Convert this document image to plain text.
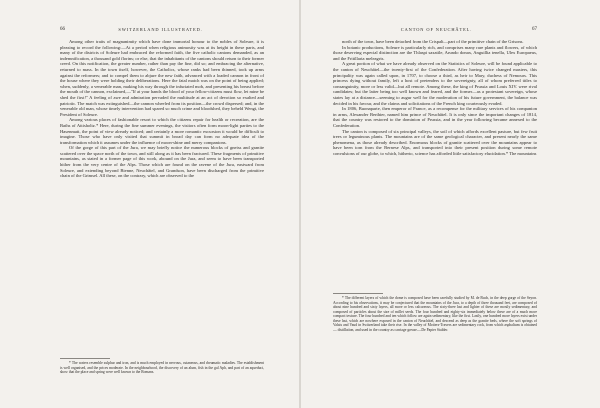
66	SWITZERLAND ILLUSTRATED.

Among other traits of magnanimity which have done immortal honour to the nobles of Soleure, it is pleasing to record the following:—At a period when religious animosity was at its height in these parts, and many of the districts of Soleure had embraced the reformed faith, the five catholic cantons demanded, as an indemnification, a thousand gold florins; or else, that the inhabitants of the cantons should return to their former creed. On this notification, the greater number, rather than pay the fine, did so; and embracing the alternative, returned to mass. In the town itself, however, the Catholics, whose ranks had been thinned, took up arms against the reformers; and to compel them to abjure the new faith, advanced with a loaded cannon in front of the house where they were holding their deliberations. Here the fatal match was on the point of being applied; when, suddenly, a venerable man, making his way through the infuriated mob, and presenting his breast before the mouth of the cannon, exclaimed,—"If at your hands the blood of your fellow-citizens must flow, let mine be shed the first!" A feeling of awe and admiration pervaded the multitude at an act of devotion so exalted and patriotic. The match was extinguished—the cannon wheeled from its position—the crowd dispersed; and, in the venerable old man, whose timely intervention had spared so much crime and bloodshed, they beheld Wengi, the President of Soleure.

Among various places of fashionable resort to which the citizens repair for health or recreation, are the Baths of Attisholtz.* Here, during the fine summer evenings, the visitors often form moon-light parties to the Hasenmatt, the point of view already noticed; and certainly a more romantic excursion it would be difficult to imagine. Those who have only visited that summit in broad day can form no adequate idea of the transformation which it assumes under the influence of moon-shine and merry companions.

Of the gorge of this part of the Jura, we may briefly notice the numerous blocks of gneiss and granite scattered over the space north of the town, and still along as it has been fractured. These fragments of primitive mountains, as stated in a former page of this work, abound on the Jura, and seem to have been transported hither from the very centre of the Alps. Those which are found on the ravene of the Jura, eastward from Soleure, and extending beyond Bienne, Neuchâtel, and Grandson, have been discharged from the primitive chain of the Grimsel. All these, on the contrary, which are observed to the

* The waters resemble sulphur and iron, and is much employed in nervous, cutaneous, and rheumatic maladies. The establishment is well organised, and the prices moderate. In the neighbourhood, the discovery of an alum, fish in the gal Aph, and part of an aqueduct, show that the place and spring were well known to the Romans.

CANTON OF NEUCHÂTEL.	67

north of the town, have been detached from the Crispalt—part of the primitive chain of the Grisons.

In botanic productions, Soleure is particularly rich, and comprises many rare plants and flowers, of which those deserving especial distinction are the Thlaspi saxatile, Arundo donax, Anguillia tenella, Ulex Europaeus, and the Fritillaria meleagris.

A great portion of what we have already observed on the Statistics of Soleure, will be found applicable to the canton of Neuchâtel—the twenty-first of the Confederation. After having twice changed masters, this principality was again called upon, in 1707, to choose a third, as heir to Mary, duchess of Nemours. This princess dying without family, left a host of pretenders to the sovereignty, all of whom preferred titles to consanguinity, more or less valid—but all remote. Among these, the king of Prussia and Louis XIV. were rival candidates; but the latter being too well known and feared, and the former—as a protestant sovereign, whose states lay at a distance—seeming to augur well for the moderation of his future government, the balance was decided in his favour, and the claims and solicitations of the French king courteously evaded.

In 1806, Buonaparte, then emperor of France, as a recompense for the military services of his companion in arms, Alexander Berthier, named him prince of Neuchâtel. It is only since the important changes of 1814, that the country was restored to the dominion of Prussia, and in the year following became annexed to the Confederation.

The canton is composed of six principal valleys, the soil of which affords excellent pasture, but few fruit trees or leguminous plants. The mountains are of the same geological character, and present nearly the same phenomena, as those already described. Enormous blocks of granite scattered over the mountains appear to have been torn from the Bernese Alps, and transported into their present position during some remote convulsions of our globe, to which, hitherto, science has afforded little satisfactory elucidation.* The mountains

* The different layers of which the dome is composed have been carefully studied by M. de Buch, in the deep gorge of the Seyon. According to his observations, it may be conjectured that the mountains of the Jura, to a depth of three thousand feet, are composed of about nine hundred and sixty layers, all more or less calcareous. The sixty-three last and lighter of these are mostly sedimentary, and composed of particles about the size of millet seeds. The four hundred and eighty-six immediately below these are of a much more compact texture. The four hundred and ten which follow are again sedimentary, like the first. Lastly, one hundred more layers exist under these last, which are nowhere exposed in the canton of Neuchâtel, and descend as deep as the granite beds, where the soft springs of Valais and Vaud in Switzerland take their rise. In the valley of Motiers-Travers are sedimentary rock, from which asphaltum is obtained — distillation, and used in the country as carriage grease.—De Papier Stalder.
